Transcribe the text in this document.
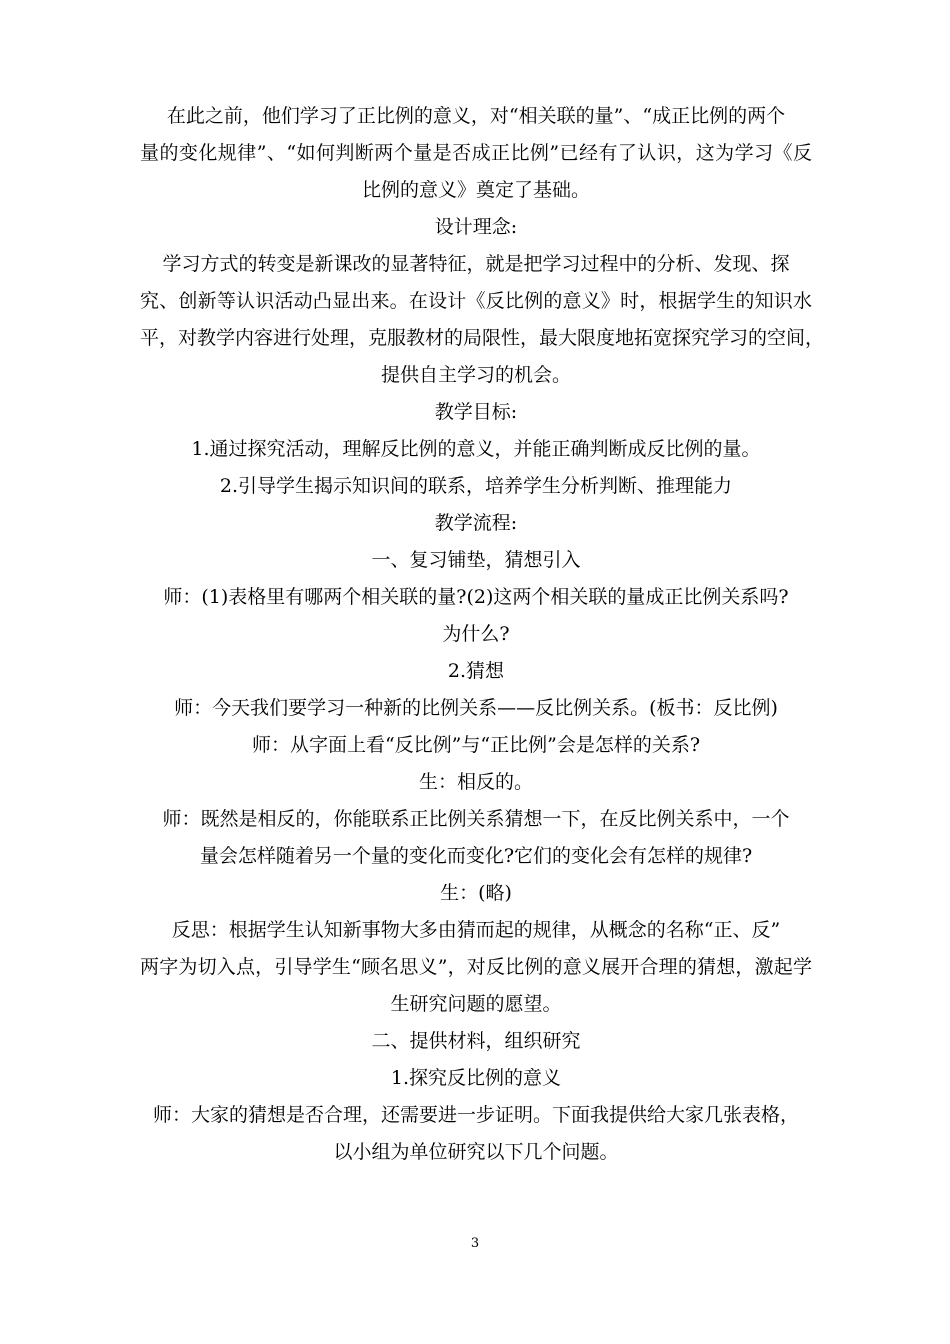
在此之前，他们学习了正比例的意义，对“相关联的量”、“成正比例的两个
量的变化规律”、“如何判断两个量是否成正比例”已经有了认识，这为学习《反
比例的意义》奠定了基础。
设计理念:
学习方式的转变是新课改的显著特征，就是把学习过程中的分析、发现、探
究、创新等认识活动凸显出来。在设计《反比例的意义》时，根据学生的知识水
平，对教学内容进行处理，克服教材的局限性，最大限度地拓宽探究学习的空间，
提供自主学习的机会。
教学目标:
1.通过探究活动，理解反比例的意义，并能正确判断成反比例的量。
2.引导学生揭示知识间的联系，培养学生分析判断、推理能力
教学流程:
一、复习铺垫，猜想引入
师：(1)表格里有哪两个相关联的量?(2)这两个相关联的量成正比例关系吗?
为什么?
2.猜想
师：今天我们要学习一种新的比例关系——反比例关系。(板书：反比例)
师：从字面上看“反比例”与“正比例”会是怎样的关系?
生：相反的。
师：既然是相反的，你能联系正比例关系猜想一下，在反比例关系中，一个
量会怎样随着另一个量的变化而变化?它们的变化会有怎样的规律?
生：(略)
反思：根据学生认知新事物大多由猜而起的规律，从概念的名称“正、反”
两字为切入点，引导学生“顾名思义”，对反比例的意义展开合理的猜想，激起学
生研究问题的愿望。
二、提供材料，组织研究
1.探究反比例的意义
师：大家的猜想是否合理，还需要进一步证明。下面我提供给大家几张表格，
以小组为单位研究以下几个问题。
3
